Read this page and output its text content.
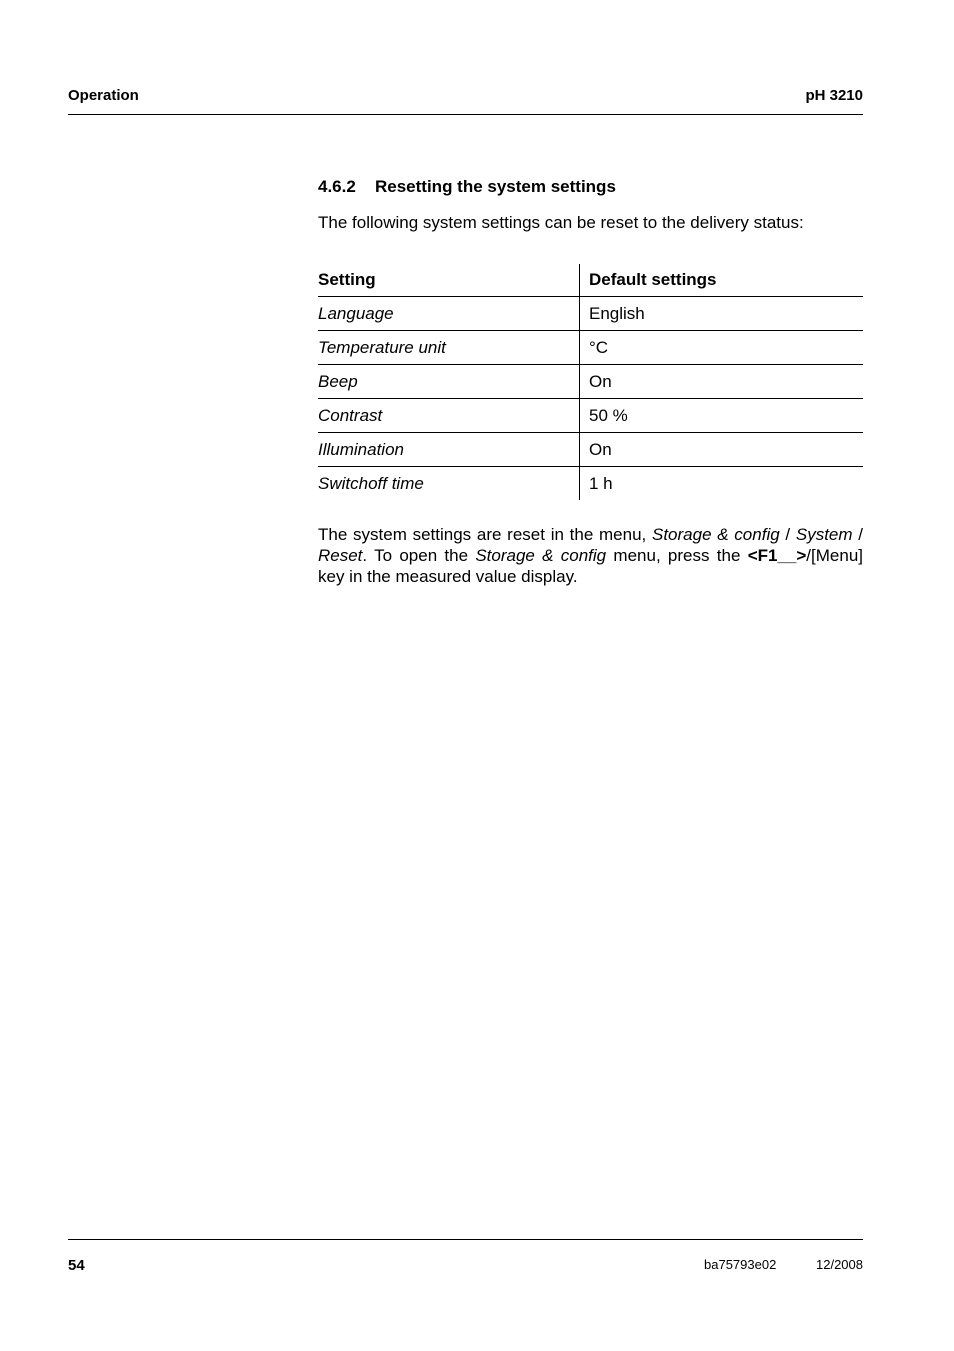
Operation	pH 3210
4.6.2 Resetting the system settings
The following system settings can be reset to the delivery status:
Setting	Default settings
Language	English
Temperature unit	°C
Beep	On
Contrast	50 %
Illumination	On
Switchoff time	1 h
The system settings are reset in the menu, Storage & config / System / Reset. To open the Storage & config menu, press the <F1__>/[Menu] key in the measured value display.
54	ba75793e02	12/2008
